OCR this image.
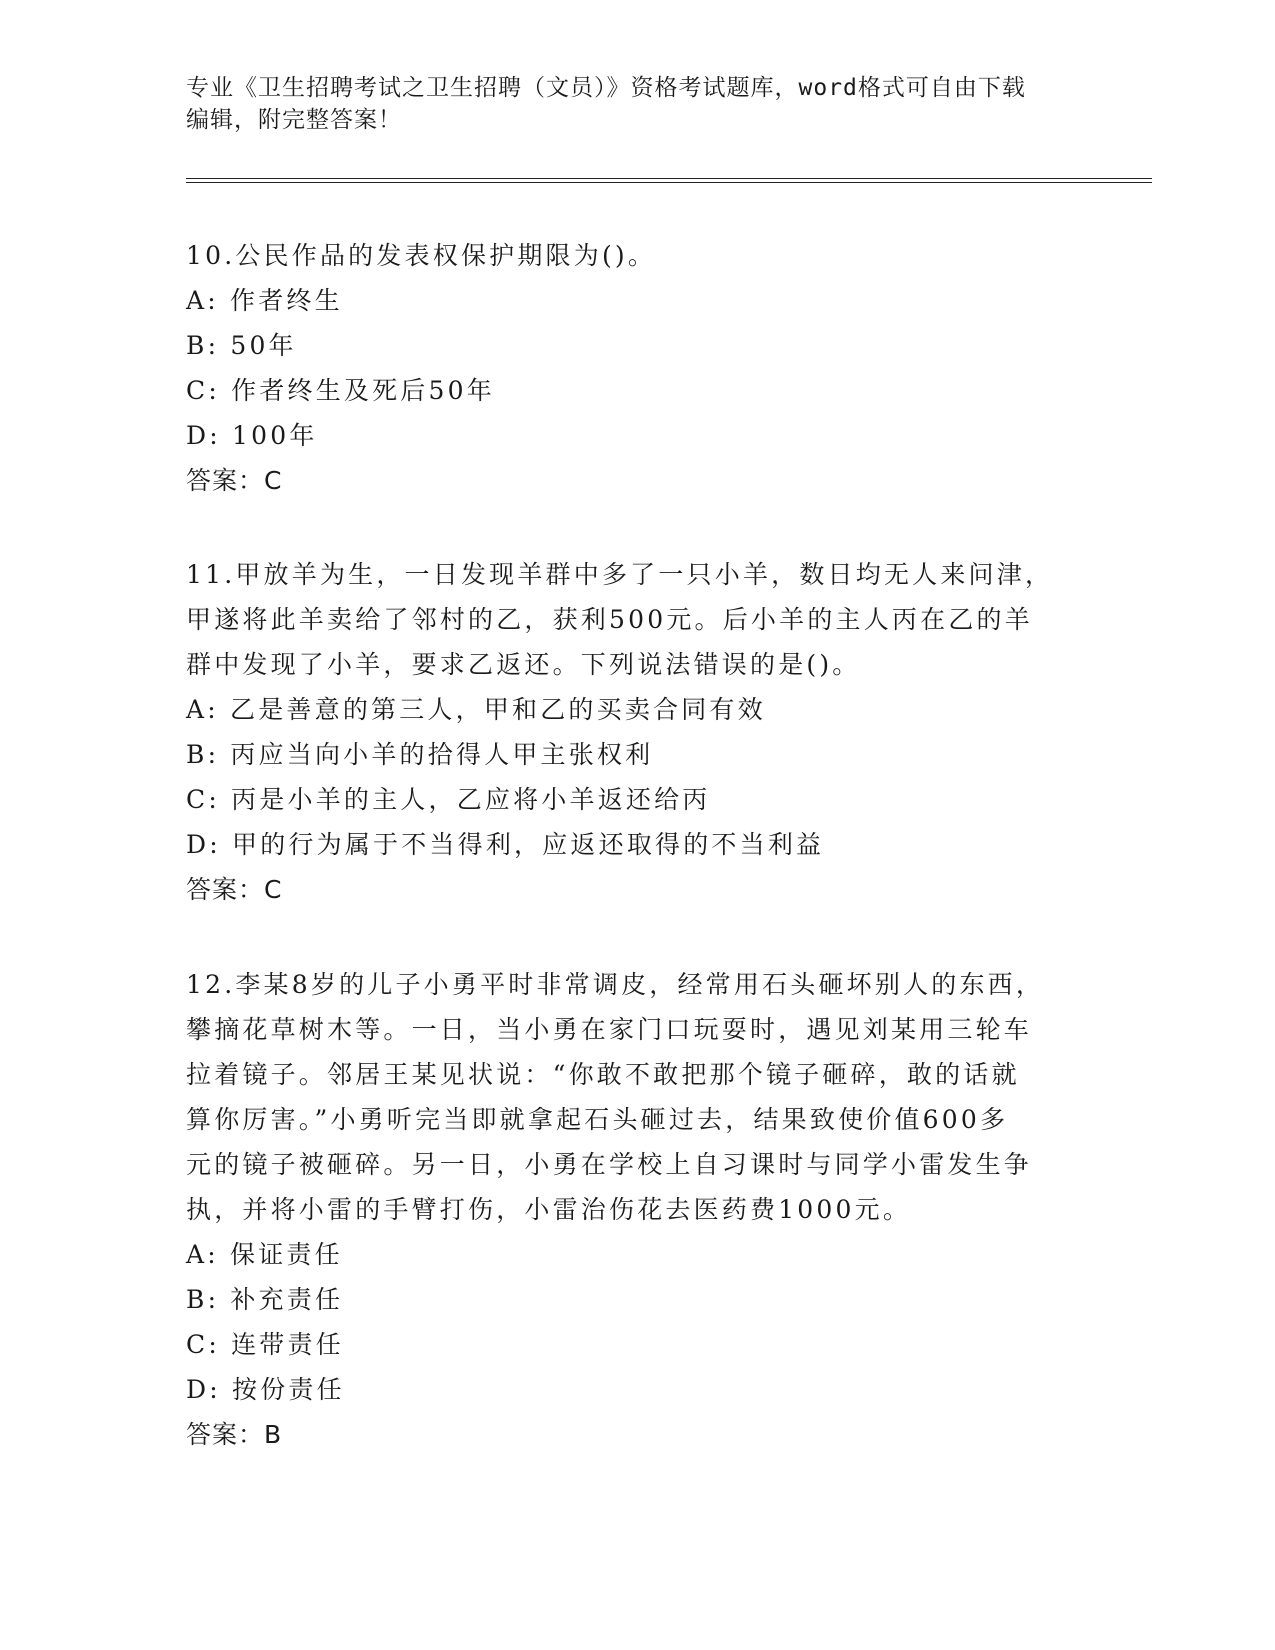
专业《卫生招聘考试之卫生招聘（文员）》资格考试题库，word格式可自由下载
编辑，附完整答案！

10.公民作品的发表权保护期限为()。

A: 作者终生

B: 50年

C: 作者终生及死后50年

D: 100年

答案：C

11.甲放羊为生，一日发现羊群中多了一只小羊，数日均无人来问津，

甲遂将此羊卖给了邻村的乙，获利500元。后小羊的主人丙在乙的羊

群中发现了小羊，要求乙返还。下列说法错误的是()。

A: 乙是善意的第三人，甲和乙的买卖合同有效

B: 丙应当向小羊的拾得人甲主张权利

C: 丙是小羊的主人，乙应将小羊返还给丙

D: 甲的行为属于不当得利，应返还取得的不当利益

答案：C

12.李某8岁的儿子小勇平时非常调皮，经常用石头砸坏别人的东西，

攀摘花草树木等。一日，当小勇在家门口玩耍时，遇见刘某用三轮车

拉着镜子。邻居王某见状说：“你敢不敢把那个镜子砸碎，敢的话就

算你厉害。”小勇听完当即就拿起石头砸过去，结果致使价值600多

元的镜子被砸碎。另一日，小勇在学校上自习课时与同学小雷发生争

执，并将小雷的手臂打伤，小雷治伤花去医药费1000元。

A: 保证责任

B: 补充责任

C: 连带责任

D: 按份责任

答案：B
